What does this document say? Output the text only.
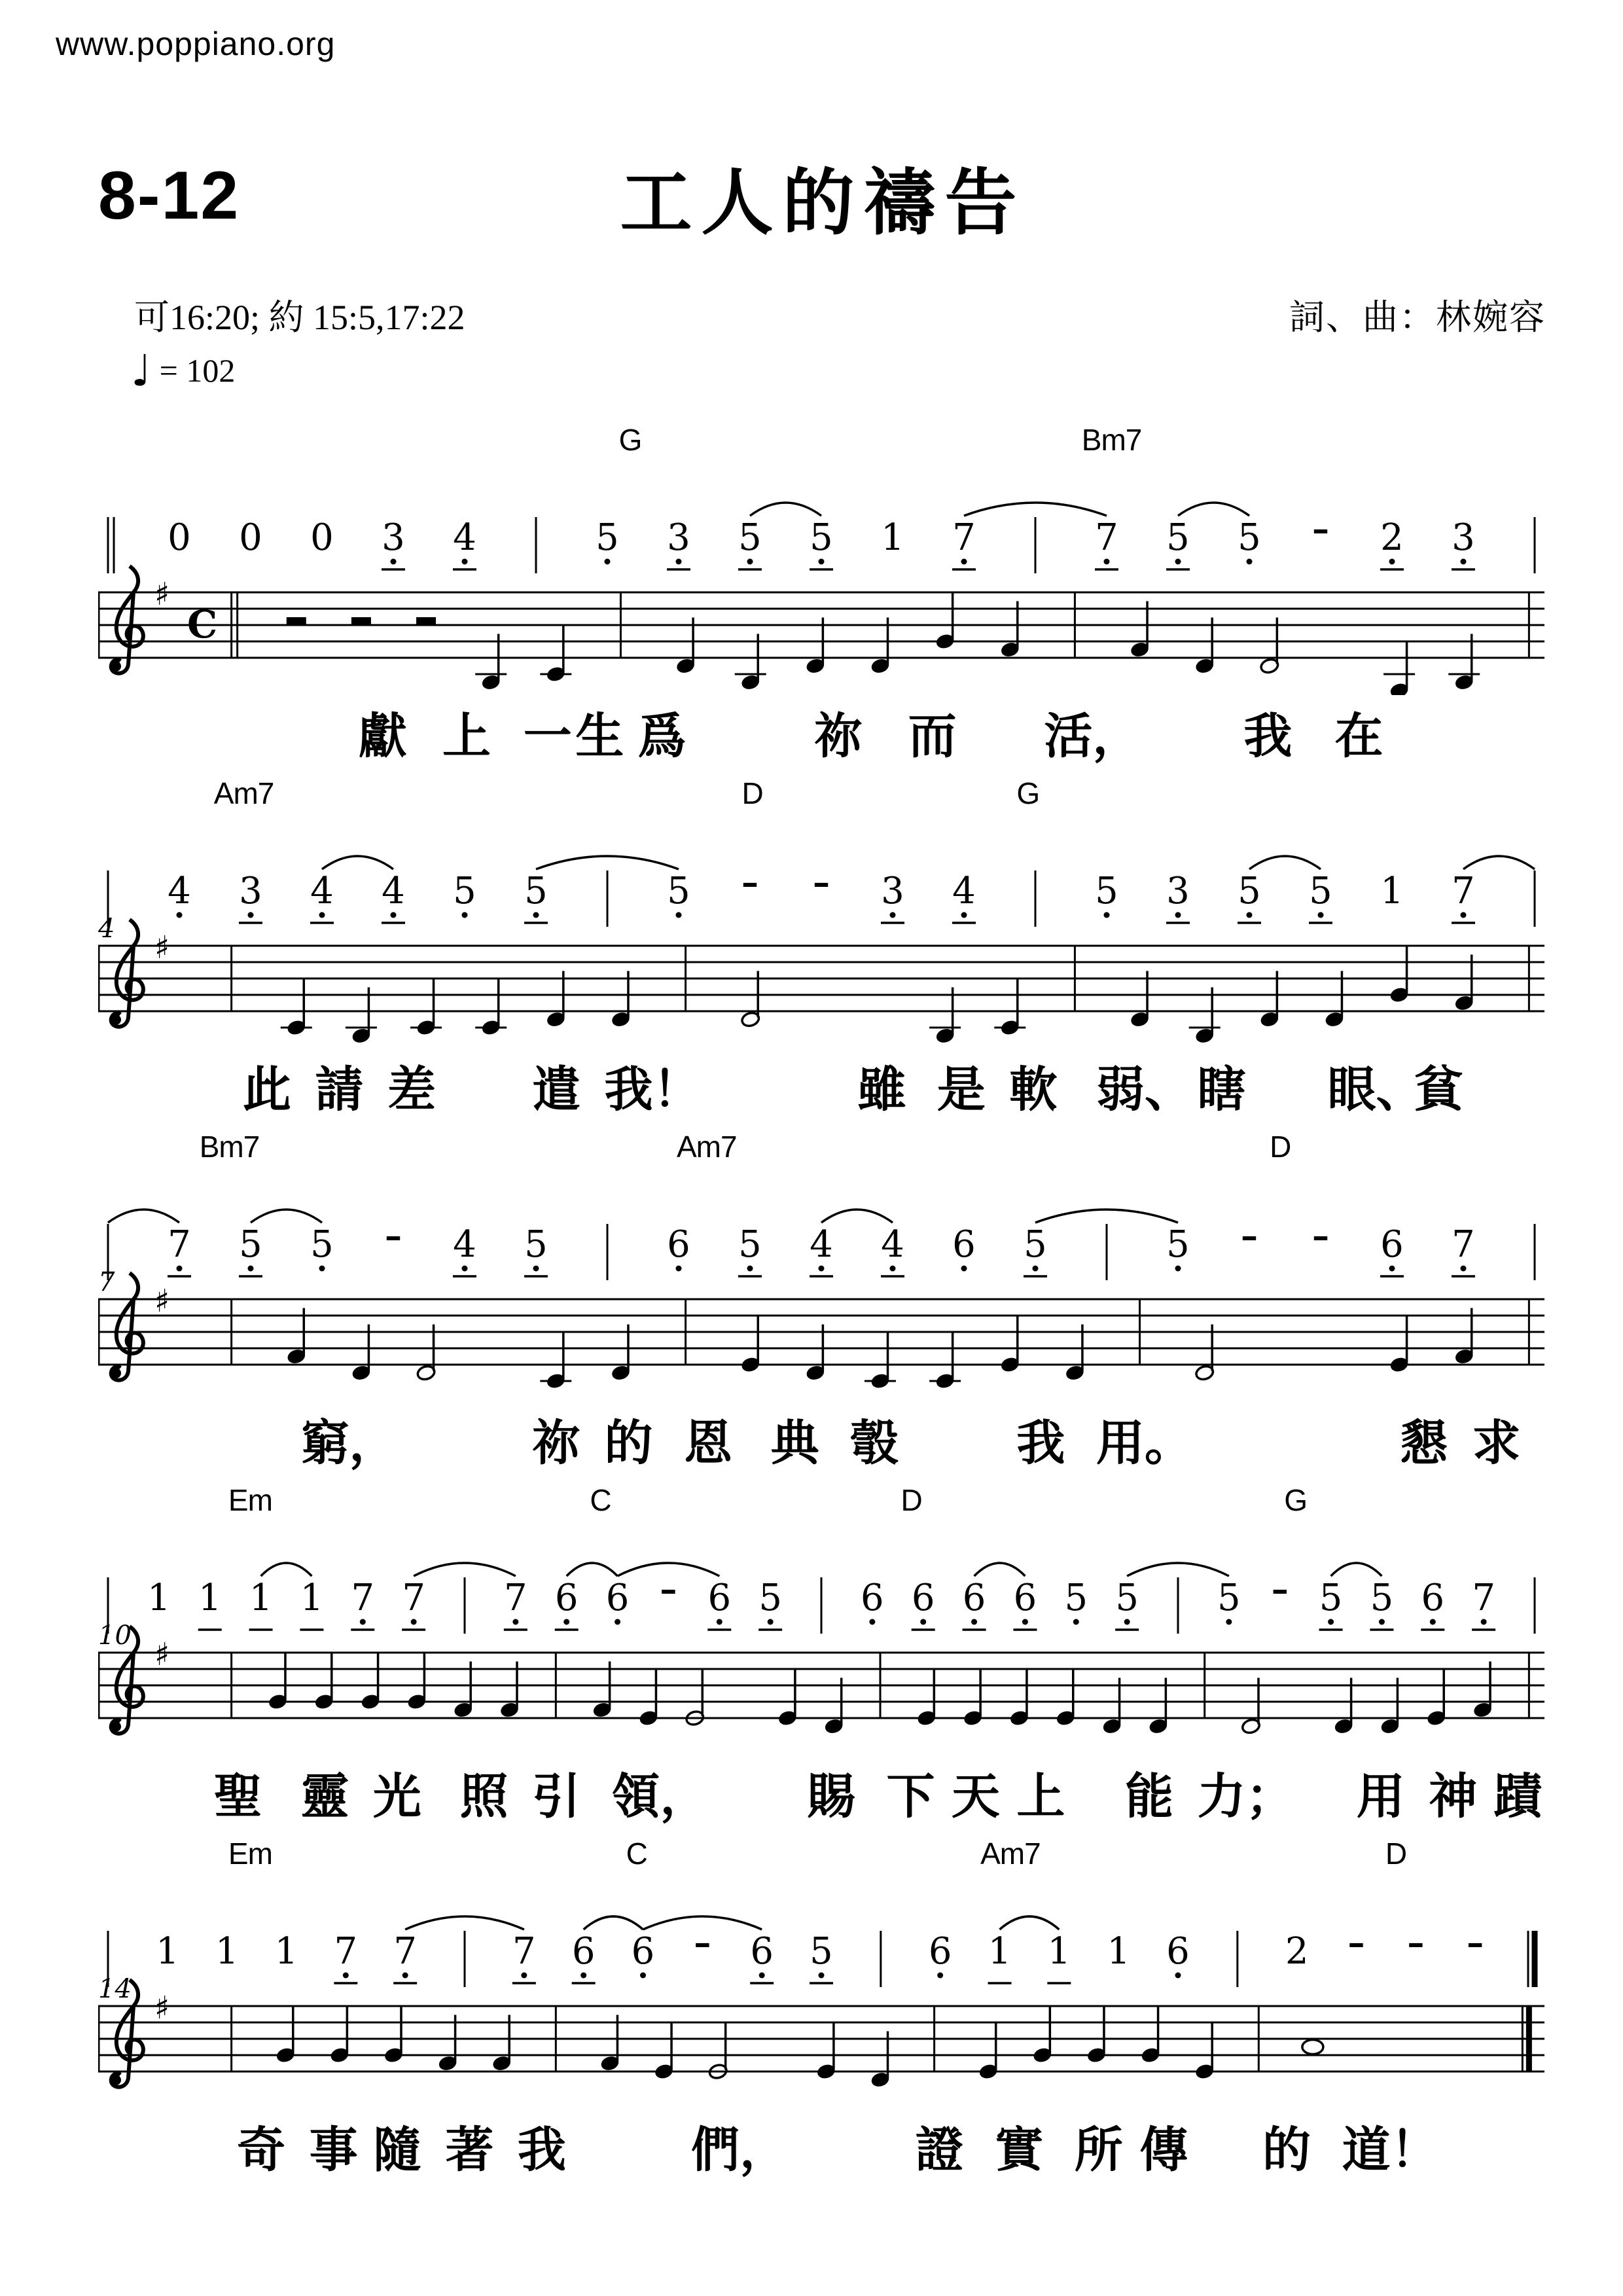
www.poppiano.org
8-12	工人的禱告
可16:20; 約 15:5,17:22	詞、曲：林婉容
♩ = 102
G	Bm7
♯
C
0 0 0 3 4	5 3 5 5 1 7	7 5 5 – 2 3
獻 上 一 生 爲	祢 而 活， 我 在
Am7	D	G
4
♯
4 3 4 4 5 5	5 – – 3 4	5 3 5 5 1 7
此 請 差 遣 我！	雖 是 軟 弱、 瞎 眼、
貧
Bm7	Am7	D
7
♯
7 5 5 – 4 5	6 5 4 4 6 5	5 – – 6 7
窮，	祢 的 恩 典 彀 我 用。	懇 求
Em	C	D	G
10
♯
1 1 1 1 7 7 7 6 6 – 6 5 6 6 6 6 5 5 5 – 5 5 6 7
聖 靈 光 照 引 領， 賜 下 天 上 能 力； 用 神 蹟
Em	C	Am7	D
14
♯
1 1 1 7 7	7 6 6 – 6 5	6 1 1 1 6	2 – – –
奇 事 隨 著 我	們，	證 實 所 傳 的 道！
